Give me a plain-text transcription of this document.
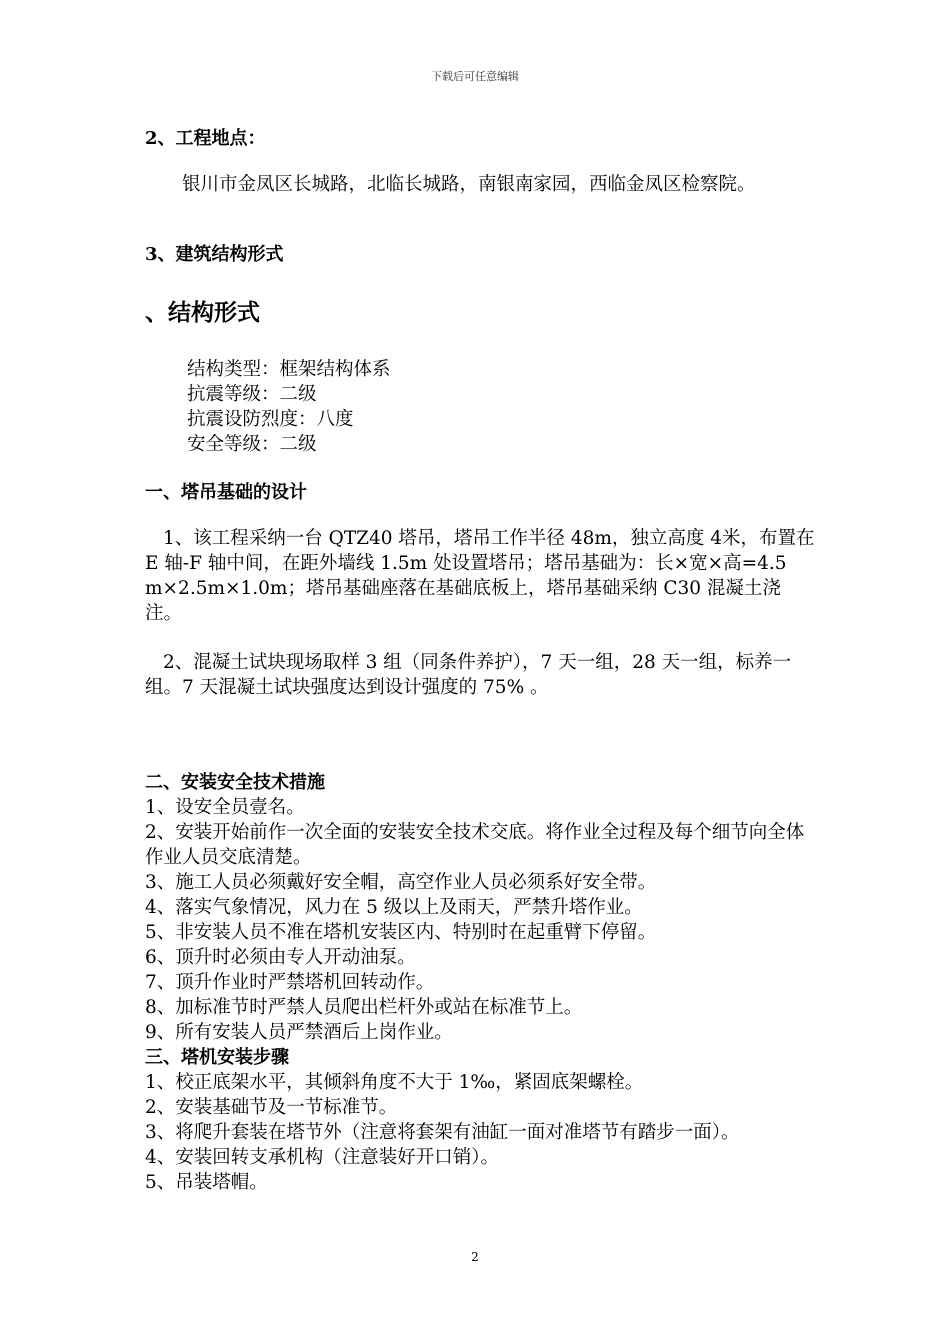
下载后可任意编辑

2、工程地点：

银川市金凤区长城路，北临长城路，南银南家园，西临金凤区检察院。

3、建筑结构形式

、结构形式

结构类型：框架结构体系

抗震等级：二级

抗震设防烈度：八度

安全等级：二级

一、塔吊基础的设计

1、该工程采纳一台 QTZ40 塔吊，塔吊工作半径 48m，独立高度 4米，布置在 E 轴-F 轴中间，在距外墙线 1.5m 处设置塔吊；塔吊基础为：长×宽×高=4.5 m×2.5m×1.0m；塔吊基础座落在基础底板上，塔吊基础采纳 C30 混凝土浇注。

2、混凝土试块现场取样 3 组（同条件养护），7 天一组，28 天一组，标养一组。7 天混凝土试块强度达到设计强度的 75% 。

二、安装安全技术措施

1、设安全员壹名。

2、安装开始前作一次全面的安装安全技术交底。将作业全过程及每个细节向全体作业人员交底清楚。

3、施工人员必须戴好安全帽，高空作业人员必须系好安全带。

4、落实气象情况，风力在 5 级以上及雨天，严禁升塔作业。

5、非安装人员不准在塔机安装区内、特别时在起重臂下停留。

6、顶升时必须由专人开动油泵。

7、顶升作业时严禁塔机回转动作。

8、加标准节时严禁人员爬出栏杆外或站在标准节上。

9、所有安装人员严禁酒后上岗作业。

三、塔机安装步骤

1、校正底架水平，其倾斜角度不大于 1‰，紧固底架螺栓。

2、安装基础节及一节标准节。

3、将爬升套装在塔节外（注意将套架有油缸一面对准塔节有踏步一面）。

4、安装回转支承机构（注意装好开口销）。

5、吊装塔帽。

2
